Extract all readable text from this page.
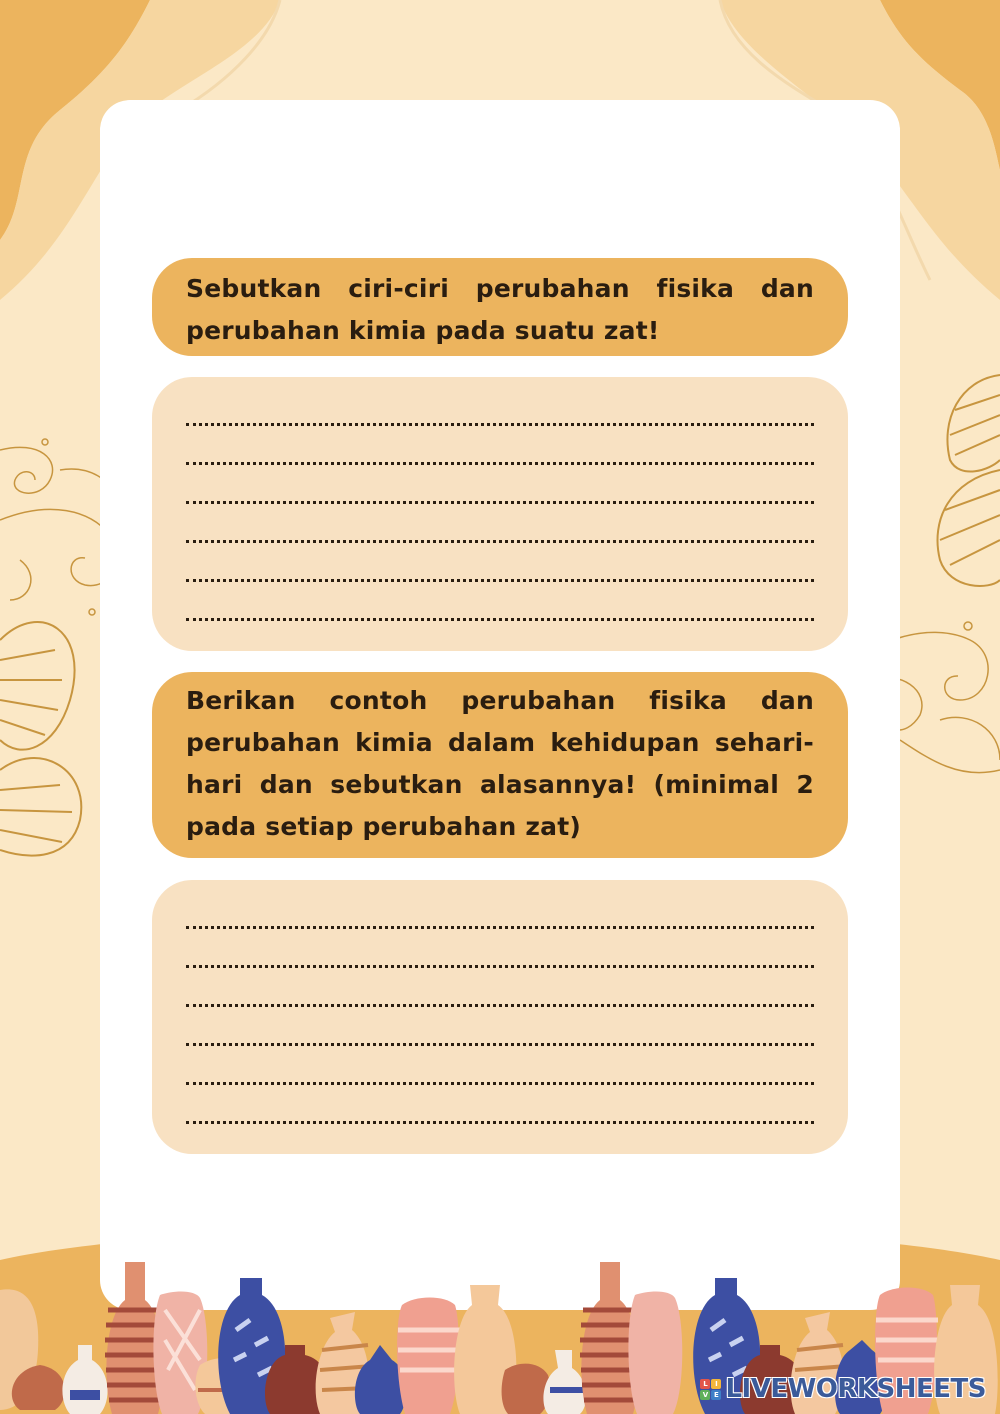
Sebutkan ciri-ciri perubahan fisika dan perubahan kimia pada suatu zat!

Berikan contoh perubahan fisika dan perubahan kimia dalam kehidupan sehari-hari dan sebutkan alasannya! (minimal 2 pada setiap perubahan zat)

L	I
V E LIVEWORKSHEETS
